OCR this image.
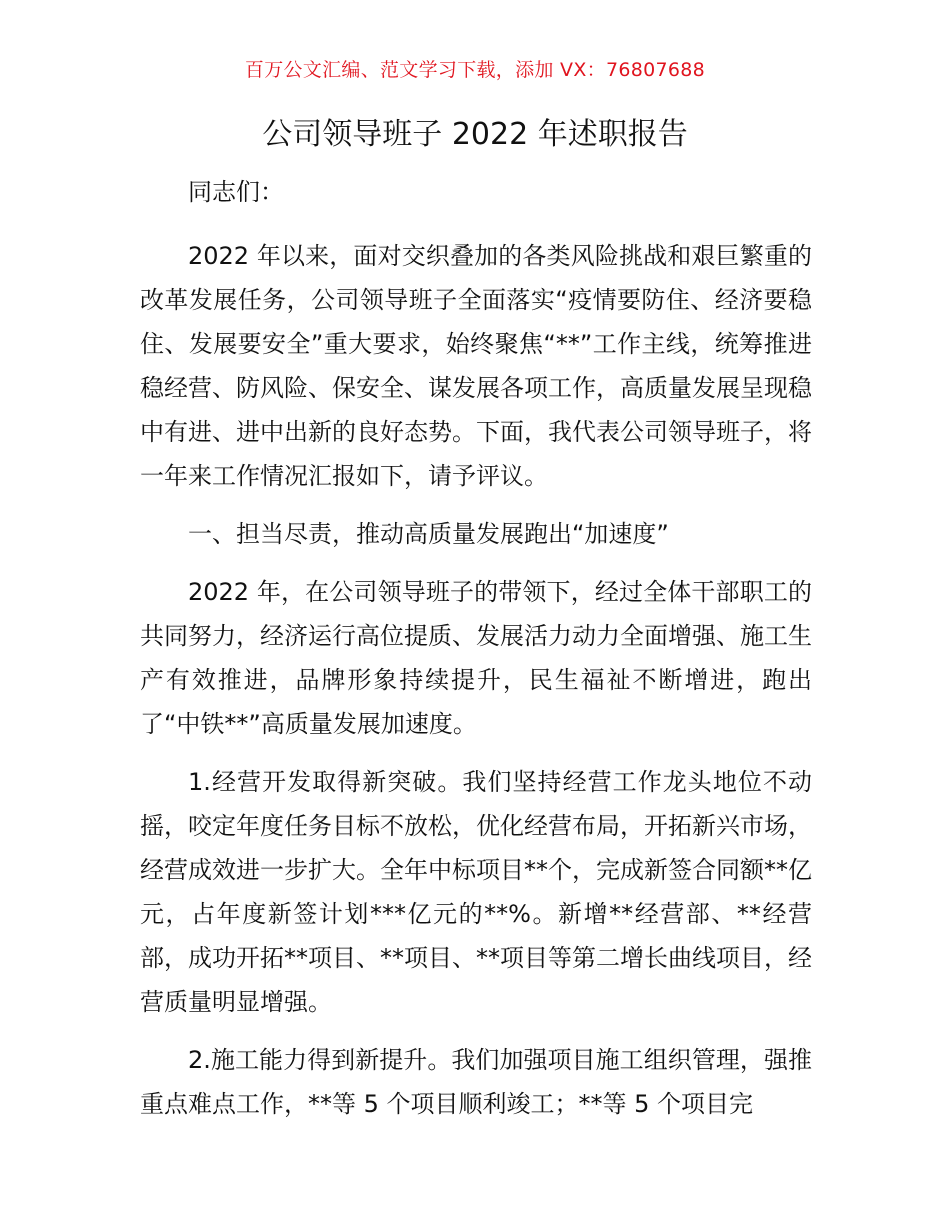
百万公文汇编、范文学习下载，添加 VX：76807688
公司领导班子 2022 年述职报告

同志们：

2022 年以来，面对交织叠加的各类风险挑战和艰巨繁重的改革发展任务，公司领导班子全面落实“疫情要防住、经济要稳住、发展要安全”重大要求，始终聚焦“**”工作主线，统筹推进稳经营、防风险、保安全、谋发展各项工作，高质量发展呈现稳中有进、进中出新的良好态势。下面，我代表公司领导班子，将一年来工作情况汇报如下，请予评议。

一、担当尽责，推动高质量发展跑出“加速度”

2022 年，在公司领导班子的带领下，经过全体干部职工的共同努力，经济运行高位提质、发展活力动力全面增强、施工生产有效推进，品牌形象持续提升，民生福祉不断增进，跑出了“中铁**”高质量发展加速度。

1.经营开发取得新突破。我们坚持经营工作龙头地位不动摇，咬定年度任务目标不放松，优化经营布局，开拓新兴市场，经营成效进一步扩大。全年中标项目**个，完成新签合同额**亿元，占年度新签计划***亿元的**%。新增**经营部、**经营部，成功开拓**项目、**项目、**项目等第二增长曲线项目，经营质量明显增强。

2.施工能力得到新提升。我们加强项目施工组织管理，强推重点难点工作，**等 5 个项目顺利竣工；**等 5 个项目完
